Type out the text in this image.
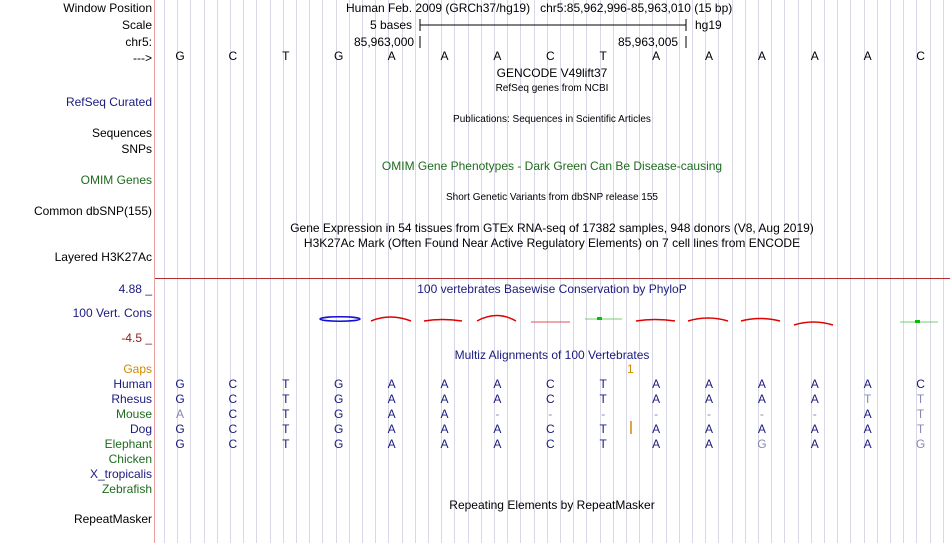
Window Position	Human Feb. 2009 (GRCh37/hg19)   chr5:85,962,996-85,963,010 (15 bp)
Scale	5 bases	hg19
chr5:	85,963,000	85,963,005
--->	G	C	T	G	A	A	A	C	T	A	A	A	A	A	C
GENCODE V49lift37
RefSeq genes from NCBI
RefSeq Curated
Publications: Sequences in Scientific Articles
Sequences
SNPs
OMIM Gene Phenotypes - Dark Green Can Be Disease-causing
OMIM Genes
Short Genetic Variants from dbSNP release 155
Common dbSNP(155)
Gene Expression in 54 tissues from GTEx RNA-seq of 17382 samples, 948 donors (V8, Aug 2019)
H3K27Ac Mark (Often Found Near Active Regulatory Elements) on 7 cell lines from ENCODE
Layered H3K27Ac
100 vertebrates Basewise Conservation by PhyloP
4.88 _
100 Vert. Cons
-4.5 _
Multiz Alignments of 100 Vertebrates
Gaps	1
Human	G	C	T	G	A	A	A	C	T	A	A	A	A	A	C
Rhesus	G	C	T	G	A	A	A	C	T	A	A	A	A	T	T
Mouse	A	C	T	G	A	A	-	-	-	-	-	-	-	A	T
Dog	G	C	T	G	A	A	A	C	T	A	A	A	A	A	T
Elephant	G	C	T	G	A	A	A	C	T	A	A	G	A	A	G
Chicken
X_tropicalis
Zebrafish
Repeating Elements by RepeatMasker
RepeatMasker
